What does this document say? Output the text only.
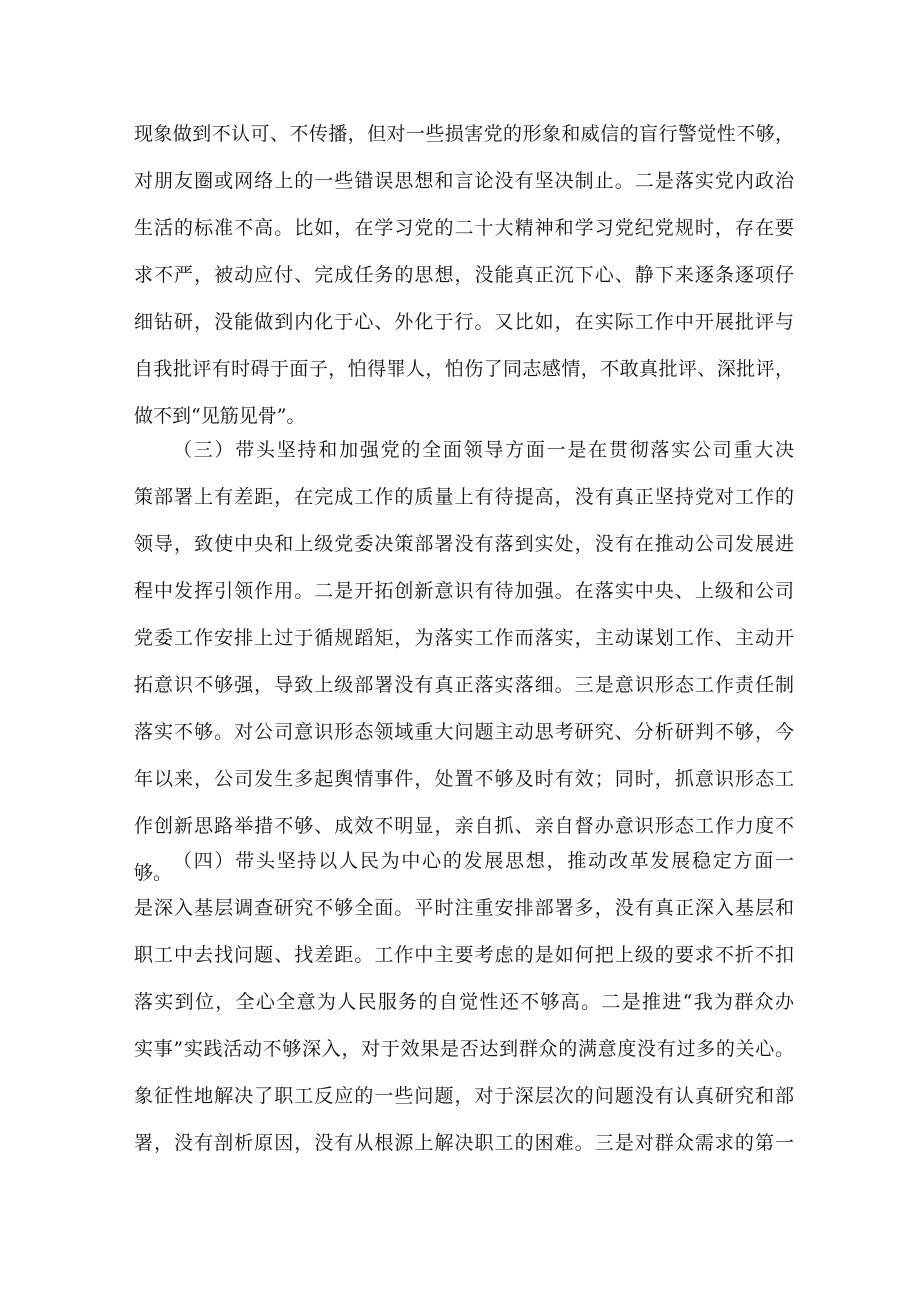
现象做到不认可、不传播，但对一些损害党的形象和威信的盲行警觉性不够，
对朋友圈或网络上的一些错误思想和言论没有坚决制止。二是落实党内政治
生活的标准不高。比如，在学习党的二十大精神和学习党纪党规时，存在要
求不严，被动应付、完成任务的思想，没能真正沉下心、静下来逐条逐项仔
细钻研，没能做到内化于心、外化于行。又比如，在实际工作中开展批评与
自我批评有时碍于面子，怕得罪人，怕伤了同志感情，不敢真批评、深批评，
做不到“见筋见骨”。
（三）带头坚持和加强党的全面领导方面一是在贯彻落实公司重大决
策部署上有差距，在完成工作的质量上有待提高，没有真正坚持党对工作的
领导，致使中央和上级党委决策部署没有落到实处，没有在推动公司发展进
程中发挥引领作用。二是开拓创新意识有待加强。在落实中央、上级和公司
党委工作安排上过于循规蹈矩，为落实工作而落实，主动谋划工作、主动开
拓意识不够强，导致上级部署没有真正落实落细。三是意识形态工作责任制
落实不够。对公司意识形态领域重大问题主动思考研究、分析研判不够，今
年以来，公司发生多起舆情事件，处置不够及时有效；同时，抓意识形态工
作创新思路举措不够、成效不明显，亲自抓、亲自督办意识形态工作力度不
够。
（四）带头坚持以人民为中心的发展思想，推动改革发展稳定方面一
是深入基层调查研究不够全面。平时注重安排部署多，没有真正深入基层和
职工中去找问题、找差距。工作中主要考虑的是如何把上级的要求不折不扣
落实到位，全心全意为人民服务的自觉性还不够高。二是推进“我为群众办
实事”实践活动不够深入，对于效果是否达到群众的满意度没有过多的关心。
象征性地解决了职工反应的一些问题，对于深层次的问题没有认真研究和部
署，没有剖析原因，没有从根源上解决职工的困难。三是对群众需求的第一
